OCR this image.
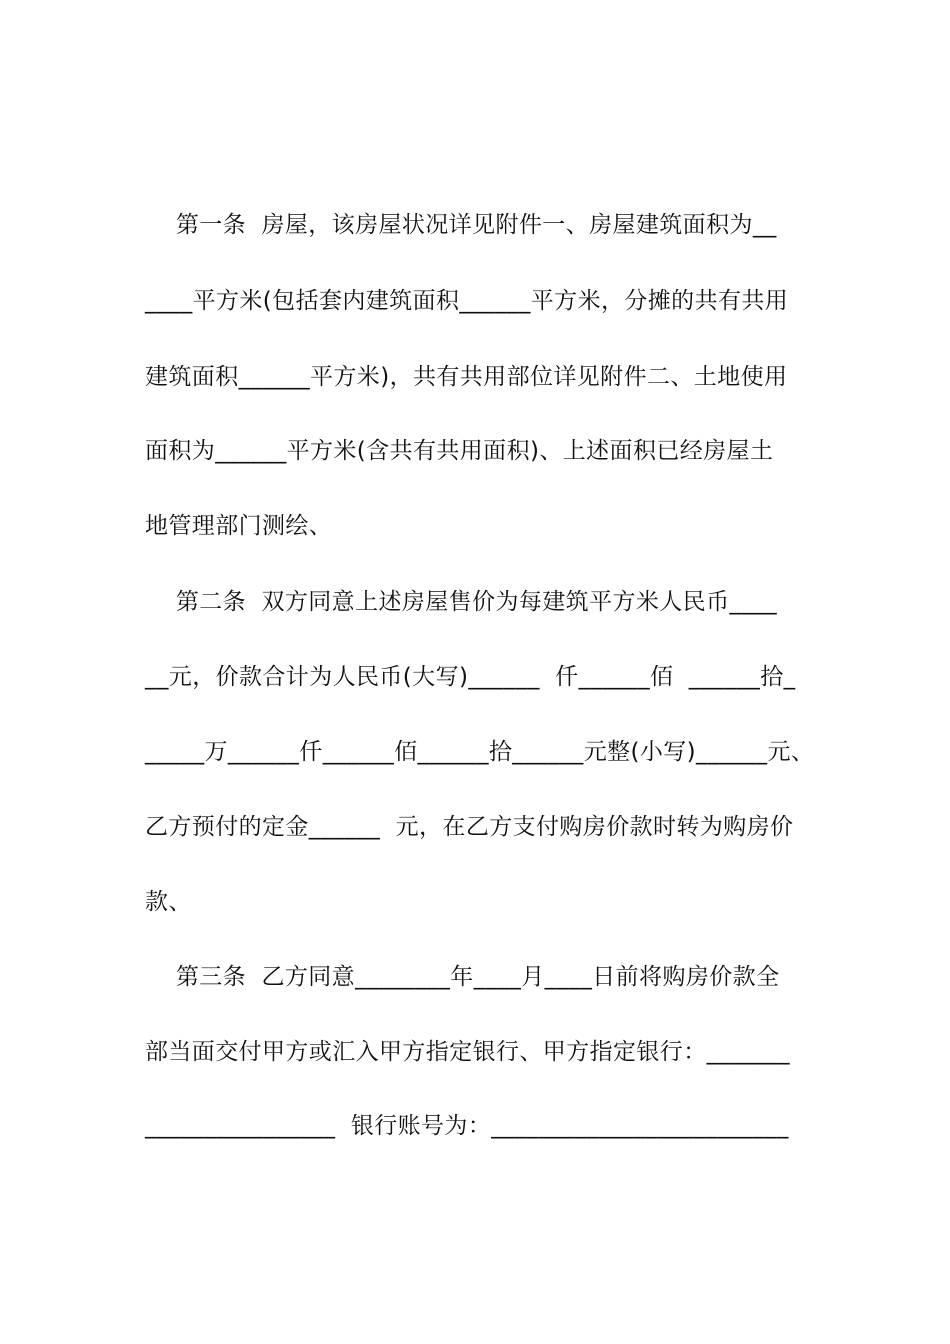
第一条  房屋，该房屋状况详见附件一、房屋建筑面积为__
____平方米(包括套内建筑面积______平方米，分摊的共有共用
建筑面积______平方米)，共有共用部位详见附件二、土地使用
面积为______平方米(含共有共用面积)、上述面积已经房屋土
地管理部门测绘、
第二条  双方同意上述房屋售价为每建筑平方米人民币____
__元，价款合计为人民币(大写)______  仟______佰  ______拾_
_____万______仟______佰______拾______元整(小写)______元、
乙方预付的定金______  元，在乙方支付购房价款时转为购房价
款、
第三条  乙方同意________年____月____日前将购房价款全
部当面交付甲方或汇入甲方指定银行、甲方指定银行：_______
________________  银行账号为：_________________________
